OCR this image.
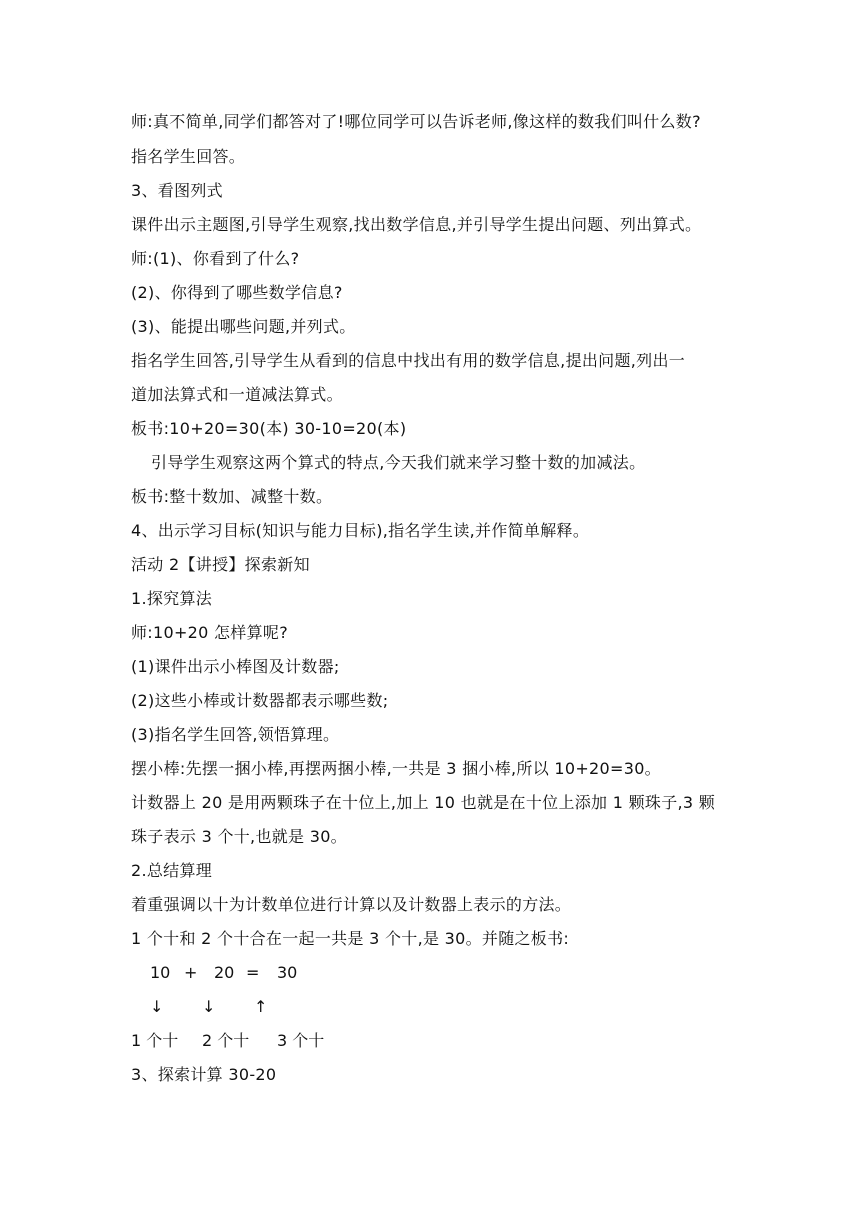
师:真不简单,同学们都答对了!哪位同学可以告诉老师,像这样的数我们叫什么数?
指名学生回答。
3、看图列式
课件出示主题图,引导学生观察,找出数学信息,并引导学生提出问题、列出算式。
师:(1)、你看到了什么?
(2)、你得到了哪些数学信息?
(3)、能提出哪些问题,并列式。
指名学生回答,引导学生从看到的信息中找出有用的数学信息,提出问题,列出一
道加法算式和一道减法算式。
板书:10+20=30(本) 30-10=20(本)
引导学生观察这两个算式的特点,今天我们就来学习整十数的加减法。
板书:整十数加、减整十数。
4、出示学习目标(知识与能力目标),指名学生读,并作简单解释。
活动 2【讲授】探索新知
1.探究算法
师:10+20 怎样算呢?
(1)课件出示小棒图及计数器;
(2)这些小棒或计数器都表示哪些数;
(3)指名学生回答,领悟算理。
摆小棒:先摆一捆小棒,再摆两捆小棒,一共是 3 捆小棒,所以 10+20=30。
计数器上 20 是用两颗珠子在十位上,加上 10 也就是在十位上添加 1 颗珠子,3 颗
珠子表示 3 个十,也就是 30。
2.总结算理
着重强调以十为计数单位进行计算以及计数器上表示的方法。
1 个十和 2 个十合在一起一共是 3 个十,是 30。并随之板书:
10 + 20 = 30
↓ ↓ ↑
1 个十 2 个十 3 个十
3、探索计算 30-20
